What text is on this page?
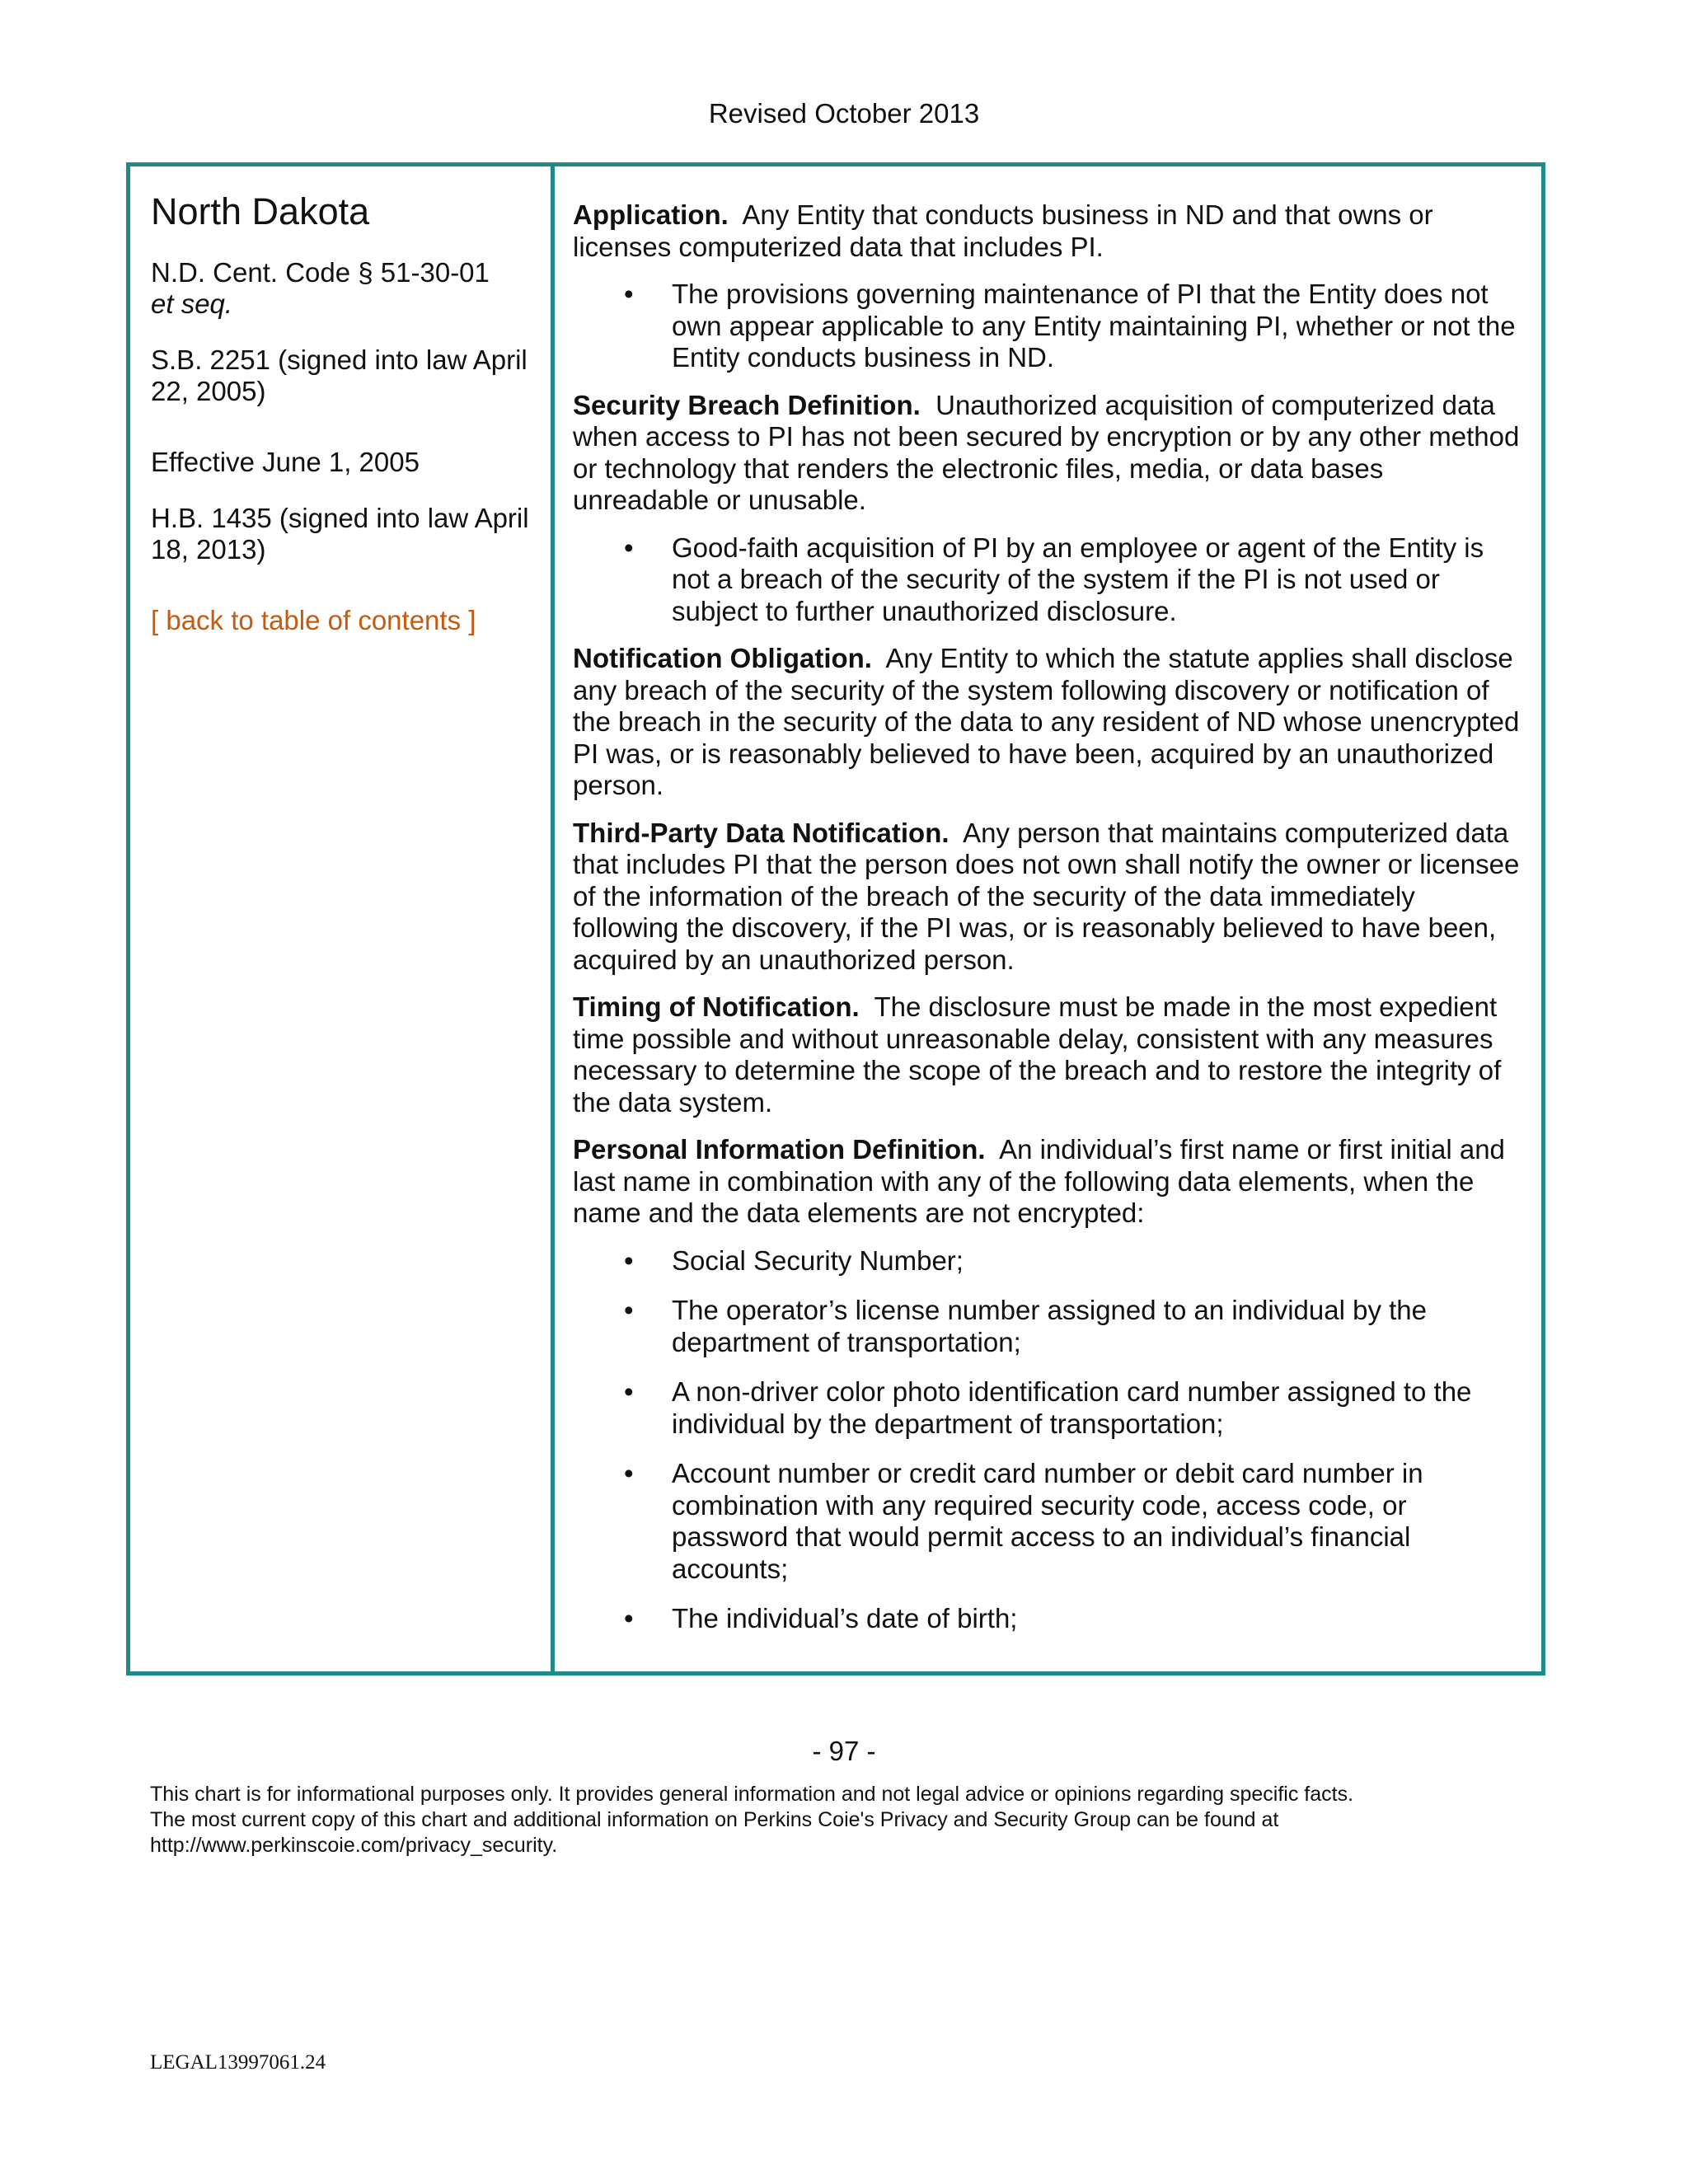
Revised October 2013
North Dakota

N.D. Cent. Code § 51-30-01
et seq.

S.B. 2251 (signed into law April 22, 2005)

Effective June 1, 2005

H.B. 1435 (signed into law April 18, 2013)

[ back to table of contents ]
Application. Any Entity that conducts business in ND and that owns or licenses computerized data that includes PI.
• The provisions governing maintenance of PI that the Entity does not own appear applicable to any Entity maintaining PI, whether or not the Entity conducts business in ND.
Security Breach Definition. Unauthorized acquisition of computerized data when access to PI has not been secured by encryption or by any other method or technology that renders the electronic files, media, or data bases unreadable or unusable.
• Good-faith acquisition of PI by an employee or agent of the Entity is not a breach of the security of the system if the PI is not used or subject to further unauthorized disclosure.
Notification Obligation. Any Entity to which the statute applies shall disclose any breach of the security of the system following discovery or notification of the breach in the security of the data to any resident of ND whose unencrypted PI was, or is reasonably believed to have been, acquired by an unauthorized person.
Third-Party Data Notification. Any person that maintains computerized data that includes PI that the person does not own shall notify the owner or licensee of the information of the breach of the security of the data immediately following the discovery, if the PI was, or is reasonably believed to have been, acquired by an unauthorized person.
Timing of Notification. The disclosure must be made in the most expedient time possible and without unreasonable delay, consistent with any measures necessary to determine the scope of the breach and to restore the integrity of the data system.
Personal Information Definition. An individual’s first name or first initial and last name in combination with any of the following data elements, when the name and the data elements are not encrypted:
• Social Security Number;
• The operator’s license number assigned to an individual by the department of transportation;
• A non-driver color photo identification card number assigned to the individual by the department of transportation;
• Account number or credit card number or debit card number in combination with any required security code, access code, or password that would permit access to an individual’s financial accounts;
• The individual’s date of birth;
- 97 -
This chart is for informational purposes only. It provides general information and not legal advice or opinions regarding specific facts.
The most current copy of this chart and additional information on Perkins Coie's Privacy and Security Group can be found at
http://www.perkinscoie.com/privacy_security.
LEGAL13997061.24
